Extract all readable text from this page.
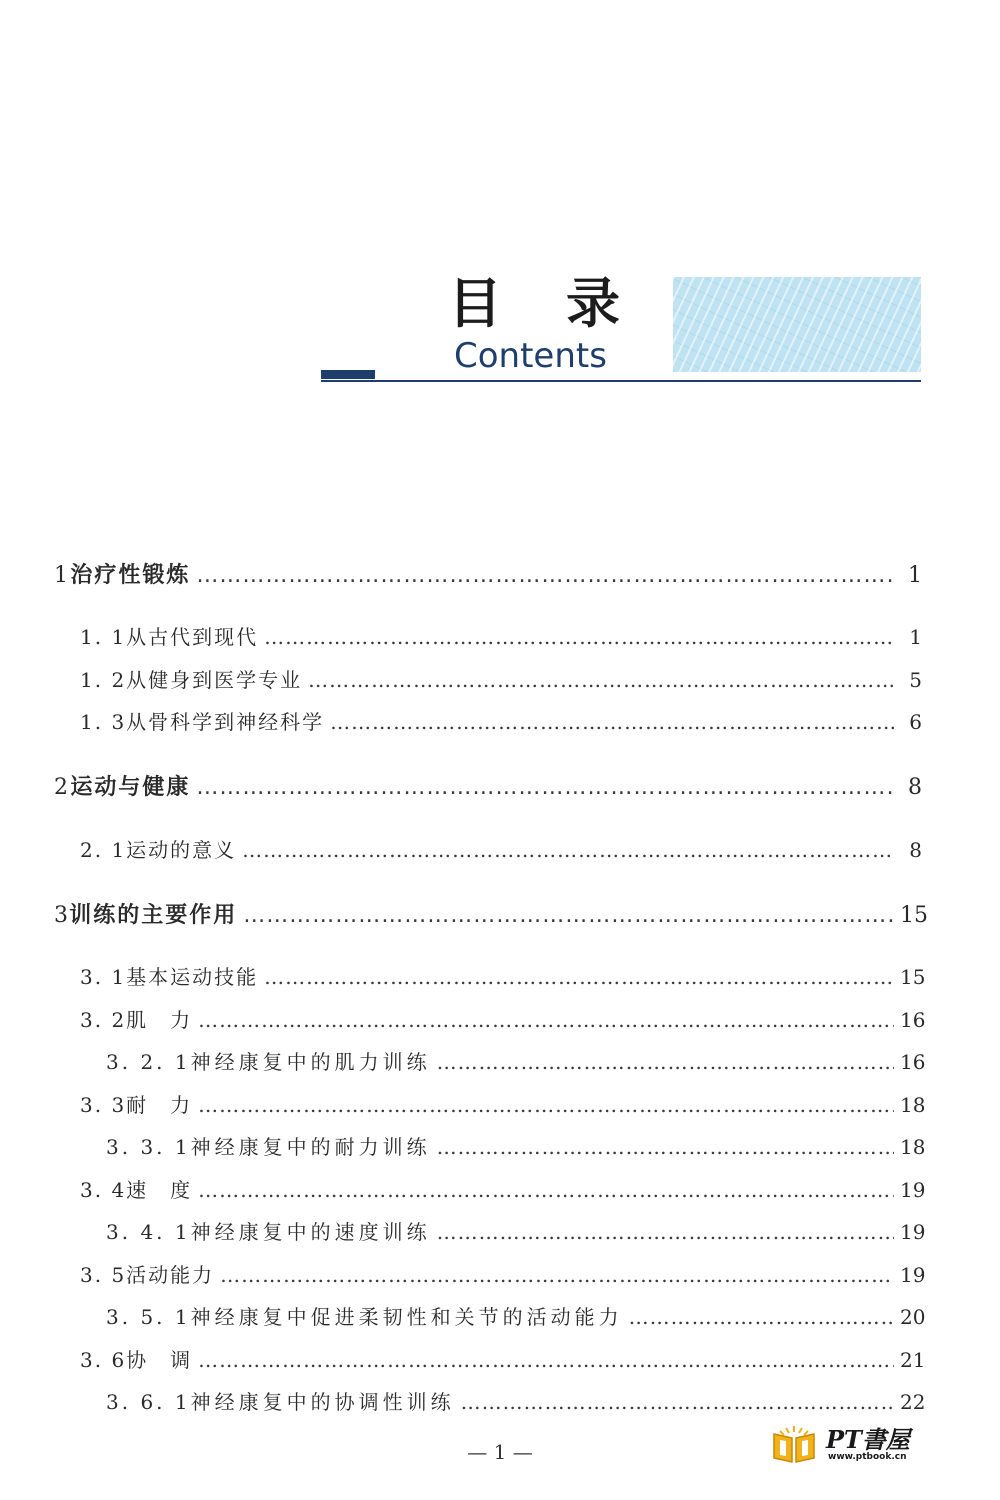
目录
Contents
1 治疗性锻炼 ………………………………………………………………………………………………………………………………………………………………………………………………………………	1
1. 1 从古代到现代 ………………………………………………………………………………………………………………………………………………………………………………………………………………	1
1. 2 从健身到医学专业 ………………………………………………………………………………………………………………………………………………………………………………………………………………	5
1. 3 从骨科学到神经科学 ………………………………………………………………………………………………………………………………………………………………………………………………………………	6
2 运动与健康 ………………………………………………………………………………………………………………………………………………………………………………………………………………	8
2. 1 运动的意义 ………………………………………………………………………………………………………………………………………………………………………………………………………………	8
3 训练的主要作用 ………………………………………………………………………………………………………………………………………………………………………………………………………………	15
3. 1 基本运动技能 ………………………………………………………………………………………………………………………………………………………………………………………………………………	15
3. 2 肌　力 ………………………………………………………………………………………………………………………………………………………………………………………………………………	16
3. 2. 1 神经康复中的肌力训练 ………………………………………………………………………………………………………………………………………………………………………………………………………………	16
3. 3 耐　力 ………………………………………………………………………………………………………………………………………………………………………………………………………………	18
3. 3. 1 神经康复中的耐力训练 ………………………………………………………………………………………………………………………………………………………………………………………………………………	18
3. 4 速　度 ………………………………………………………………………………………………………………………………………………………………………………………………………………	19
3. 4. 1 神经康复中的速度训练 ………………………………………………………………………………………………………………………………………………………………………………………………………………	19
3. 5 活动能力 ………………………………………………………………………………………………………………………………………………………………………………………………………………	19
3. 5. 1 神经康复中促进柔韧性和关节的活动能力 ………………………………………………………………………………………………………………………………………………………………………………………………………………	20
3. 6 协　调 ………………………………………………………………………………………………………………………………………………………………………………………………………………	21
3. 6. 1 神经康复中的协调性训练 ………………………………………………………………………………………………………………………………………………………………………………………………………………	22
— 1 —	PT書屋
www.ptbook.cn
